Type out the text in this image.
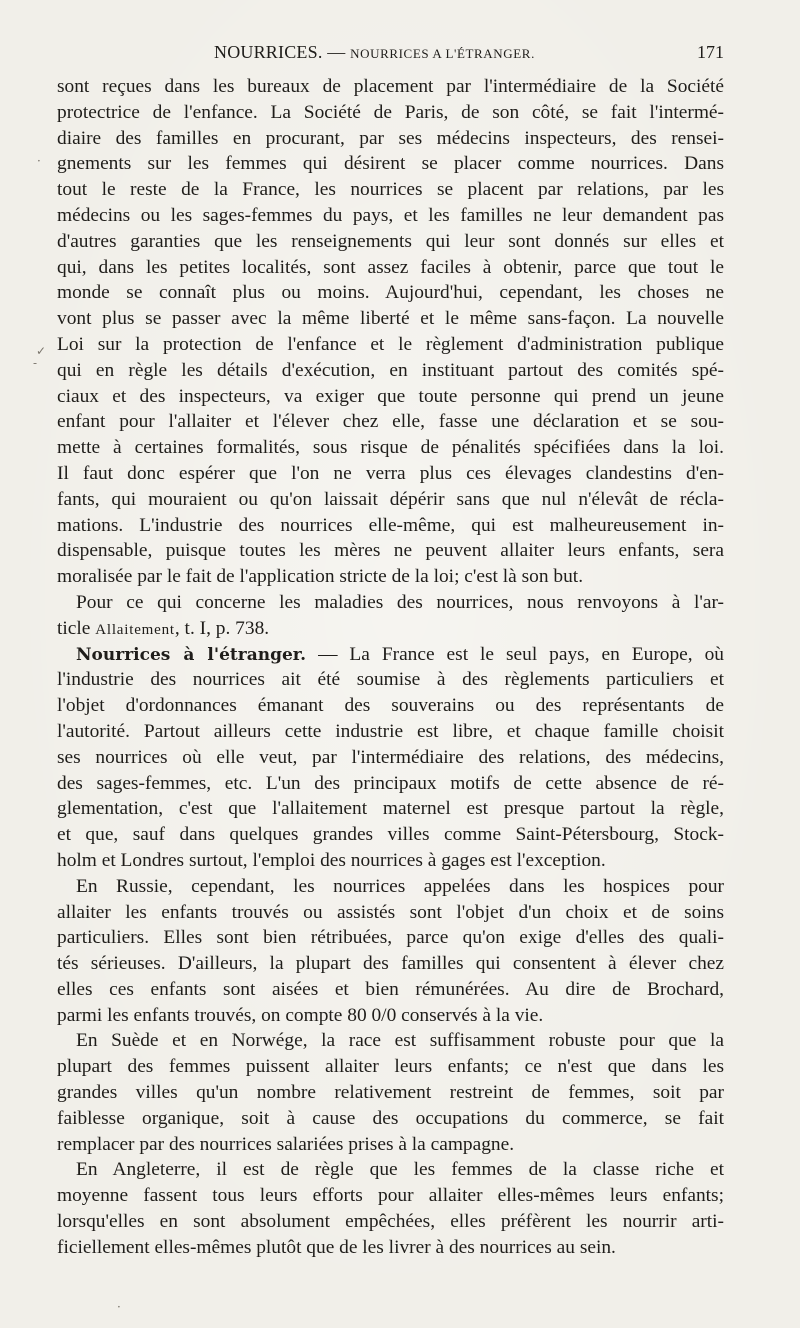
NOURRICES. — NOURRICES A L'ÉTRANGER.	171
sont reçues dans les bureaux de placement par l'intermédiaire de la Société
protectrice de l'enfance. La Société de Paris, de son côté, se fait l'intermé-
diaire des familles en procurant, par ses médecins inspecteurs, des rensei-
gnements sur les femmes qui désirent se placer comme nourrices. Dans
tout le reste de la France, les nourrices se placent par relations, par les
médecins ou les sages-femmes du pays, et les familles ne leur demandent pas
d'autres garanties que les renseignements qui leur sont donnés sur elles et
qui, dans les petites localités, sont assez faciles à obtenir, parce que tout le
monde se connaît plus ou moins. Aujourd'hui, cependant, les choses ne
vont plus se passer avec la même liberté et le même sans-façon. La nouvelle
Loi sur la protection de l'enfance et le règlement d'administration publique
qui en règle les détails d'exécution, en instituant partout des comités spé-
ciaux et des inspecteurs, va exiger que toute personne qui prend un jeune
enfant pour l'allaiter et l'élever chez elle, fasse une déclaration et se sou-
mette à certaines formalités, sous risque de pénalités spécifiées dans la loi.
Il faut donc espérer que l'on ne verra plus ces élevages clandestins d'en-
fants, qui mouraient ou qu'on laissait dépérir sans que nul n'élevât de récla-
mations. L'industrie des nourrices elle-même, qui est malheureusement in-
dispensable, puisque toutes les mères ne peuvent allaiter leurs enfants, sera
moralisée par le fait de l'application stricte de la loi; c'est là son but.
Pour ce qui concerne les maladies des nourrices, nous renvoyons à l'ar-
ticle Allaitement, t. I, p. 738.
Nourrices à l'étranger. — La France est le seul pays, en Europe, où
l'industrie des nourrices ait été soumise à des règlements particuliers et
l'objet d'ordonnances émanant des souverains ou des représentants de
l'autorité. Partout ailleurs cette industrie est libre, et chaque famille choisit
ses nourrices où elle veut, par l'intermédiaire des relations, des médecins,
des sages-femmes, etc. L'un des principaux motifs de cette absence de ré-
glementation, c'est que l'allaitement maternel est presque partout la règle,
et que, sauf dans quelques grandes villes comme Saint-Pétersbourg, Stock-
holm et Londres surtout, l'emploi des nourrices à gages est l'exception.
En Russie, cependant, les nourrices appelées dans les hospices pour
allaiter les enfants trouvés ou assistés sont l'objet d'un choix et de soins
particuliers. Elles sont bien rétribuées, parce qu'on exige d'elles des quali-
tés sérieuses. D'ailleurs, la plupart des familles qui consentent à élever chez
elles ces enfants sont aisées et bien rémunérées. Au dire de Brochard,
parmi les enfants trouvés, on compte 80 0/0 conservés à la vie.
En Suède et en Norwége, la race est suffisamment robuste pour que la
plupart des femmes puissent allaiter leurs enfants; ce n'est que dans les
grandes villes qu'un nombre relativement restreint de femmes, soit par
faiblesse organique, soit à cause des occupations du commerce, se fait
remplacer par des nourrices salariées prises à la campagne.
En Angleterre, il est de règle que les femmes de la classe riche et
moyenne fassent tous leurs efforts pour allaiter elles-mêmes leurs enfants;
lorsqu'elles en sont absolument empêchées, elles préfèrent les nourrir arti-
ficiellement elles-mêmes plutôt que de les livrer à des nourrices au sein.
✓
·
-
·
